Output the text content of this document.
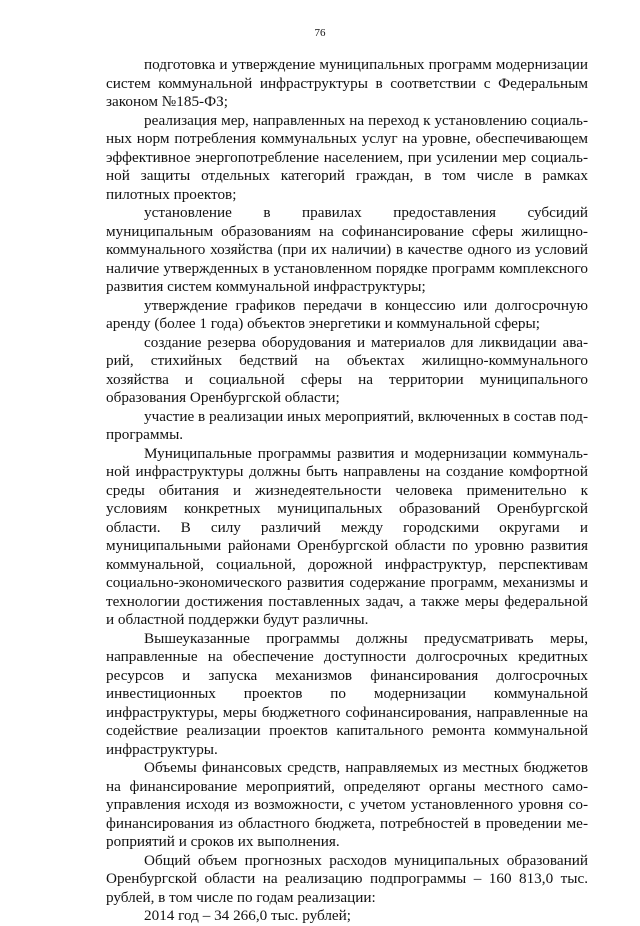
76

подготовка и утверждение муниципальных программ модернизации систем коммунальной инфраструктуры в соответствии с Федеральным законом №185-ФЗ;

реализация мер, направленных на переход к установлению социальных норм потребления коммунальных услуг на уровне, обеспечивающем эффективное энергопотребление населением, при усилении мер социальной защиты отдельных категорий граждан, в том числе в рамках пилотных проектов;

установление в правилах предоставления субсидий муниципальным образованиям на софинансирование сферы жилищно-коммунального хозяйства (при их наличии) в качестве одного из условий наличие утвержденных в установленном порядке программ комплексного развития систем коммунальной инфраструктуры;

утверждение графиков передачи в концессию или долгосрочную аренду (более 1 года) объектов энергетики и коммунальной сферы;

создание резерва оборудования и материалов для ликвидации аварий, стихийных бедствий на объектах жилищно-коммунального хозяйства и социальной сферы на территории муниципального образования Оренбургской области;

участие в реализации иных мероприятий, включенных в состав подпрограммы.

Муниципальные программы развития и модернизации коммунальной инфраструктуры должны быть направлены на создание комфортной среды обитания и жизнедеятельности человека применительно к условиям конкретных муниципальных образований Оренбургской области. В силу различий между городскими округами и муниципальными районами Оренбургской области по уровню развития коммунальной, социальной, дорожной инфраструктур, перспективам социально-экономического развития содержание программ, механизмы и технологии достижения поставленных задач, а также меры федеральной и областной поддержки будут различны.

Вышеуказанные программы должны предусматривать меры, направленные на обеспечение доступности долгосрочных кредитных ресурсов и запуска механизмов финансирования долгосрочных инвестиционных проектов по модернизации коммунальной инфраструктуры, меры бюджетного софинансирования, направленные на содействие реализации проектов капитального ремонта коммунальной инфраструктуры.

Объемы финансовых средств, направляемых из местных бюджетов на финансирование мероприятий, определяют органы местного самоуправления исходя из возможности, с учетом установленного уровня софинансирования из областного бюджета, потребностей в проведении мероприятий и сроков их выполнения.

Общий объем прогнозных расходов муниципальных образований Оренбургской области на реализацию подпрограммы – 160 813,0 тыс. рублей, в том числе по годам реализации:

2014 год – 34 266,0 тыс. рублей;
